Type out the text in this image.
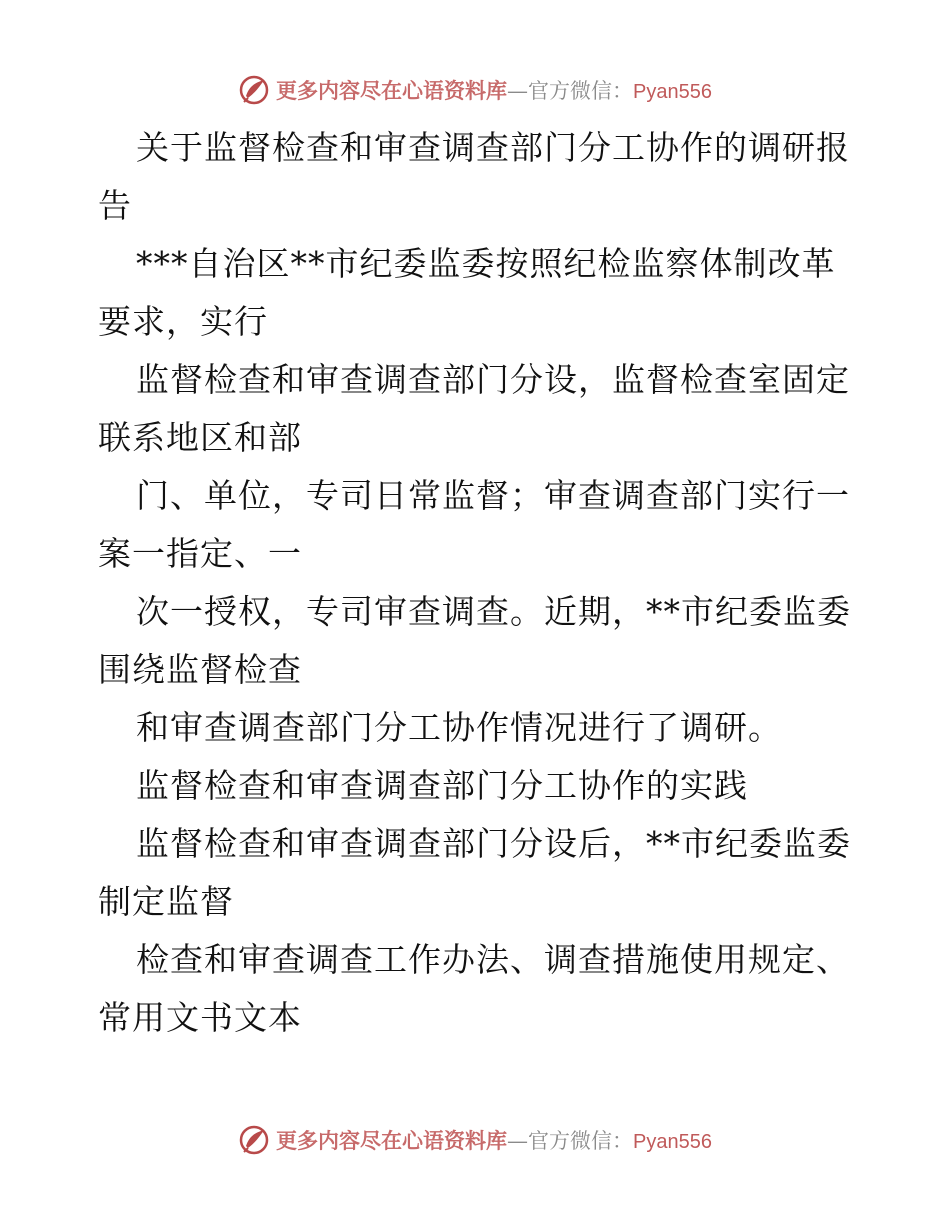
更多内容尽在心语资料库—官方微信：Pyan556
关于监督检查和审查调查部门分工协作的调研报
告
***自治区**市纪委监委按照纪检监察体制改革
要求，实行
监督检查和审查调查部门分设，监督检查室固定
联系地区和部
门、单位，专司日常监督；审查调查部门实行一
案一指定、一
次一授权，专司审查调查。近期，**市纪委监委
围绕监督检查
和审查调查部门分工协作情况进行了调研。
监督检查和审查调查部门分工协作的实践
监督检查和审查调查部门分设后，**市纪委监委
制定监督
检查和审查调查工作办法、调查措施使用规定、
常用文书文本
更多内容尽在心语资料库—官方微信：Pyan556
